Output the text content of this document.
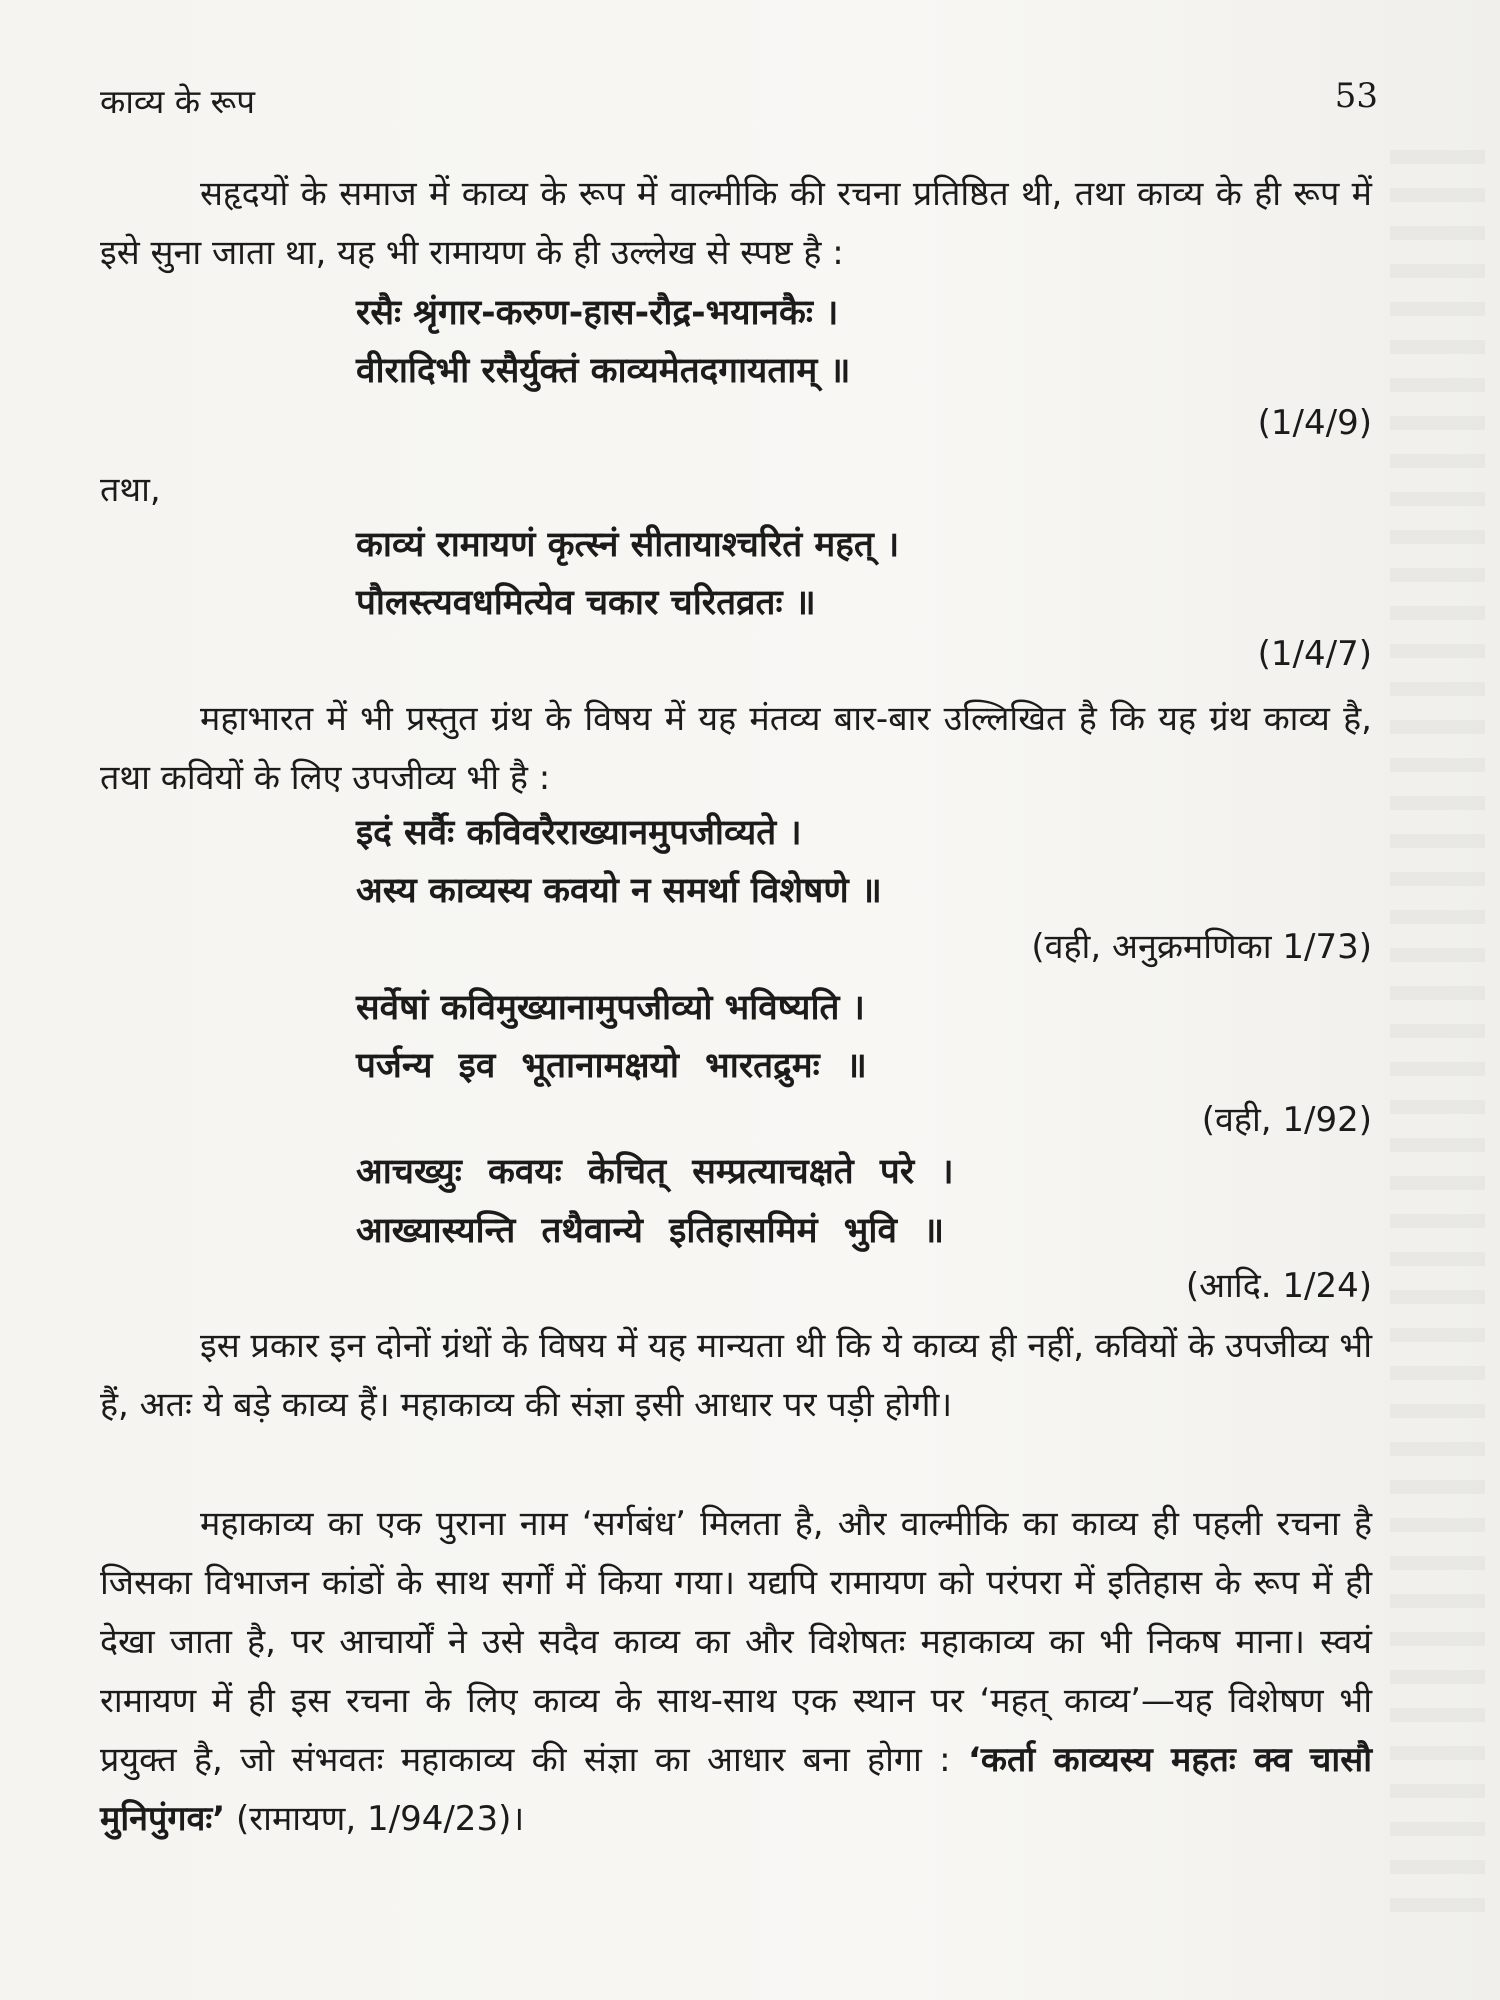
काव्य के रूप	53

सहृदयों के समाज में काव्य के रूप में वाल्मीकि की रचना प्रतिष्ठित थी, तथा काव्य के ही रूप में इसे सुना जाता था, यह भी रामायण के ही उल्लेख से स्पष्ट है :

रसैः श्रृंगार-करुण-हास-रौद्र-भयानकैः ।

वीरादिभी रसैर्युक्तं काव्यमेतदगायताम् ॥

(1/4/9)

तथा,

काव्यं रामायणं कृत्स्नं सीतायाश्चरितं महत् ।

पौलस्त्यवधमित्येव चकार चरितव्रतः ॥

(1/4/7)

महाभारत में भी प्रस्तुत ग्रंथ के विषय में यह मंतव्य बार-बार उल्लिखित है कि यह ग्रंथ काव्य है, तथा कवियों के लिए उपजीव्य भी है :

इदं सर्वैः कविवरैराख्यानमुपजीव्यते ।

अस्य काव्यस्य कवयो न समर्था विशेषणे ॥

(वही, अनुक्रमणिका 1/73)

सर्वेषां कविमुख्यानामुपजीव्यो भविष्यति ।

पर्जन्य इव भूतानामक्षयो भारतद्रुमः ॥

(वही, 1/92)

आचख्युः कवयः केचित् सम्प्रत्याचक्षते परे ।

आख्यास्यन्ति तथैवान्ये इतिहासमिमं भुवि ॥

(आदि. 1/24)

इस प्रकार इन दोनों ग्रंथों के विषय में यह मान्यता थी कि ये काव्य ही नहीं, कवियों के उपजीव्य भी हैं, अतः ये बड़े काव्य हैं। महाकाव्य की संज्ञा इसी आधार पर पड़ी होगी।

महाकाव्य का एक पुराना नाम ‘सर्गबंध’ मिलता है, और वाल्मीकि का काव्य ही पहली रचना है जिसका विभाजन कांडों के साथ सर्गों में किया गया। यद्यपि रामायण को परंपरा में इतिहास के रूप में ही देखा जाता है, पर आचार्यों ने उसे सदैव काव्य का और विशेषतः महाकाव्य का भी निकष माना। स्वयं रामायण में ही इस रचना के लिए काव्य के साथ-साथ एक स्थान पर ‘महत् काव्य’—यह विशेषण भी प्रयुक्त है, जो संभवतः महाकाव्य की संज्ञा का आधार बना होगा : ‘कर्ता काव्यस्य महतः क्व चासौ मुनिपुंगवः’ (रामायण, 1/94/23)।
